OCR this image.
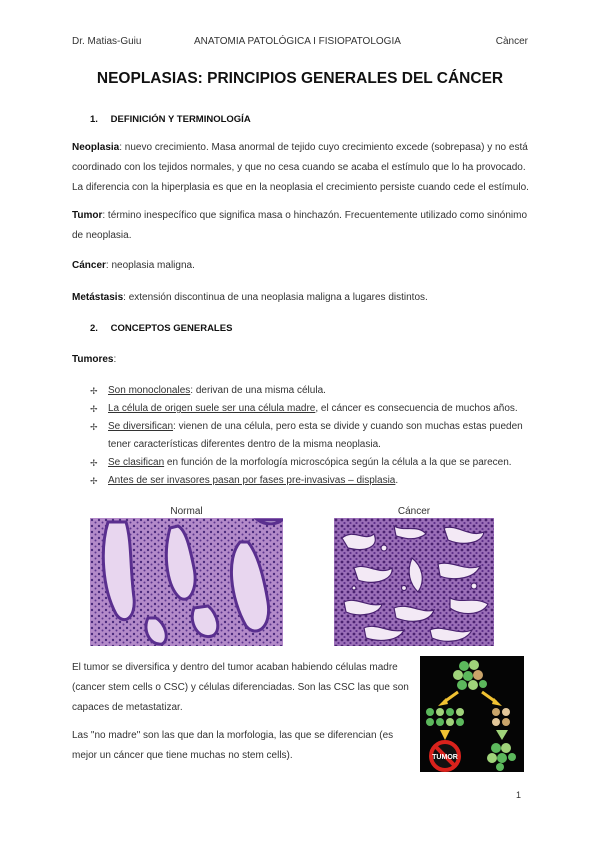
Dr. Matias-Guiu	ANATOMIA PATOLÓGICA I FISIOPATOLOGIA	Càncer
NEOPLASIAS: PRINCIPIOS GENERALES DEL CÁNCER
1. DEFINICIÓN Y TERMINOLOGÍA
Neoplasia: nuevo crecimiento. Masa anormal de tejido cuyo crecimiento excede (sobrepasa) y no está
coordinado con los tejidos normales, y que no cesa cuando se acaba el estímulo que lo ha provocado.
La diferencia con la hiperplasia es que en la neoplasia el crecimiento persiste cuando cede el estímulo.
Tumor: término inespecífico que significa masa o hinchazón. Frecuentemente utilizado como sinónimo
de neoplasia.
Cáncer: neoplasia maligna.
Metástasis: extensión discontinua de una neoplasia maligna a lugares distintos.
2. CONCEPTOS GENERALES
Tumores:
✢ Son monoclonales: derivan de una misma célula.
✢ La célula de origen suele ser una célula madre, el cáncer es consecuencia de muchos años.
✢ Se diversifican: vienen de una célula, pero esta se divide y cuando son muchas estas pueden
tener características diferentes dentro de la misma neoplasia.
✢ Se clasifican en función de la morfología microscópica según la célula a la que se parecen.
✢ Antes de ser invasores pasan por fases pre-invasivas – displasia.
Normal	Cáncer
El tumor se diversifica y dentro del tumor acaban habiendo células madre
(cancer stem cells o CSC) y células diferenciadas. Son las CSC las que son
capaces de metastatizar.
Las "no madre" son las que dan la morfologia, las que se diferencian (es
mejor un cáncer que tiene muchas no stem cells).	TUMOR
1
